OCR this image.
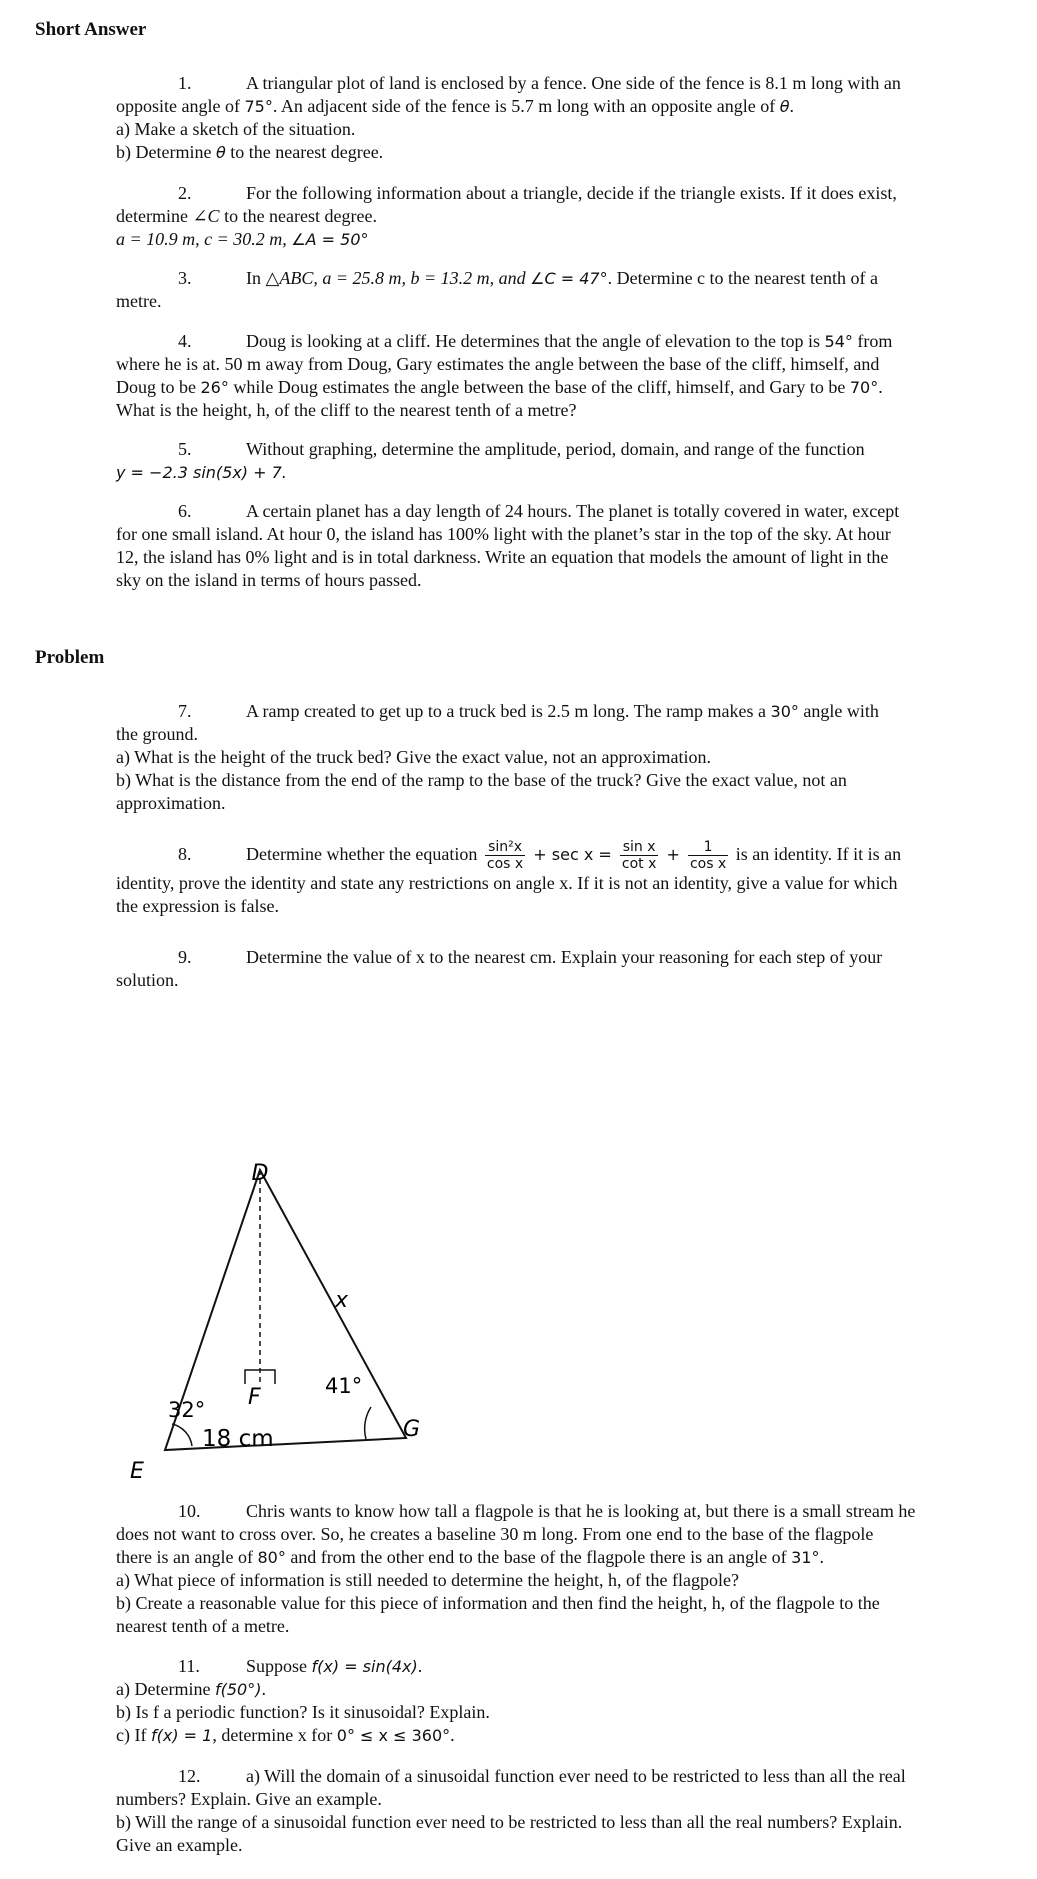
Short Answer

1.	A triangular plot of land is enclosed by a fence. One side of the fence is 8.1 m long with an

opposite angle of 75°. An adjacent side of the fence is 5.7 m long with an opposite angle of θ.

a) Make a sketch of the situation.

b) Determine θ to the nearest degree.

2.	For the following information about a triangle, decide if the triangle exists. If it does exist,

determine ∠C to the nearest degree.

a = 10.9 m, c = 30.2 m, ∠A = 50°

3.	In △ABC, a = 25.8 m, b = 13.2 m, and ∠C = 47°. Determine c to the nearest tenth of a

metre.

4.	Doug is looking at a cliff. He determines that the angle of elevation to the top is 54° from

where he is at. 50 m away from Doug, Gary estimates the angle between the base of the cliff, himself, and

Doug to be 26° while Doug estimates the angle between the base of the cliff, himself, and Gary to be 70°.

What is the height, h, of the cliff to the nearest tenth of a metre?

5.	Without graphing, determine the amplitude, period, domain, and range of the function

y = −2.3 sin(5x) + 7.

6.	A certain planet has a day length of 24 hours. The planet is totally covered in water, except

for one small island. At hour 0, the island has 100% light with the planet’s star in the top of the sky. At hour

12, the island has 0% light and is in total darkness. Write an equation that models the amount of light in the

sky on the island in terms of hours passed.

Problem

7.	A ramp created to get up to a truck bed is 2.5 m long. The ramp makes a 30° angle with

the ground.

a) What is the height of the truck bed? Give the exact value, not an approximation.

b) What is the distance from the end of the ramp to the base of the truck? Give the exact value, not an

approximation.

8.	Determine whether the equation $\frac{\text{sin²x}}{\text{cos x}} + \sec x = \frac{\text{sin x}}{\text{cot x}} + \frac{1}{\text{cos x}}$ is an identity. If it is an

identity, prove the identity and state any restrictions on angle x. If it is not an identity, give a value for which

the expression is false.

9.	Determine the value of x to the nearest cm. Explain your reasoning for each step of your

solution.

D
E
F
G
x
32°
41°
18 cm

10.	Chris wants to know how tall a flagpole is that he is looking at, but there is a small stream he

does not want to cross over. So, he creates a baseline 30 m long. From one end to the base of the flagpole

there is an angle of 80° and from the other end to the base of the flagpole there is an angle of 31°.

a) What piece of information is still needed to determine the height, h, of the flagpole?

b) Create a reasonable value for this piece of information and then find the height, h, of the flagpole to the

nearest tenth of a metre.

11.	Suppose f(x) = sin(4x).

a) Determine f(50°).

b) Is f a periodic function? Is it sinusoidal? Explain.

c) If f(x) = 1, determine x for 0° ≤ x ≤ 360°.

12.	a) Will the domain of a sinusoidal function ever need to be restricted to less than all the real

numbers? Explain. Give an example.

b) Will the range of a sinusoidal function ever need to be restricted to less than all the real numbers? Explain.

Give an example.
